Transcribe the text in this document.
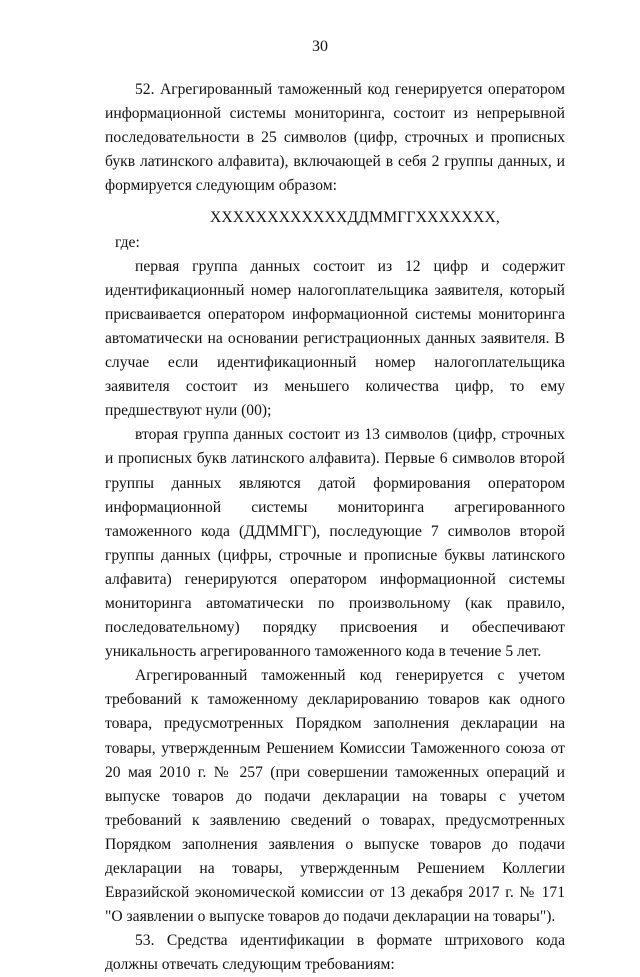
30

52. Агрегированный таможенный код генерируется оператором информационной системы мониторинга, состоит из непрерывной последовательности в 25 символов (цифр, строчных и прописных букв латинского алфавита), включающей в себя 2 группы данных, и формируется следующим образом:

XXXXXXXXXXXXДДММГГXXXXXXX,

где:

первая группа данных состоит из 12 цифр и содержит идентификационный номер налогоплательщика заявителя, который присваивается оператором информационной системы мониторинга автоматически на основании регистрационных данных заявителя. В случае если идентификационный номер налогоплательщика заявителя состоит из меньшего количества цифр, то ему предшествуют нули (00);

вторая группа данных состоит из 13 символов (цифр, строчных и прописных букв латинского алфавита). Первые 6 символов второй группы данных являются датой формирования оператором информационной системы мониторинга агрегированного таможенного кода (ДДММГГ), последующие 7 символов второй группы данных (цифры, строчные и прописные буквы латинского алфавита) генерируются оператором информационной системы мониторинга автоматически по произвольному (как правило, последовательному) порядку присвоения и обеспечивают уникальность агрегированного таможенного кода в течение 5 лет.

Агрегированный таможенный код генерируется с учетом требований к таможенному декларированию товаров как одного товара, предусмотренных Порядком заполнения декларации на товары, утвержденным Решением Комиссии Таможенного союза от 20 мая 2010 г. № 257 (при совершении таможенных операций и выпуске товаров до подачи декларации на товары с учетом требований к заявлению сведений о товарах, предусмотренных Порядком заполнения заявления о выпуске товаров до подачи декларации на товары, утвержденным Решением Коллегии Евразийской экономической комиссии от 13 декабря 2017 г. № 171 "О заявлении о выпуске товаров до подачи декларации на товары").

53. Средства идентификации в формате штрихового кода должны отвечать следующим требованиям:
